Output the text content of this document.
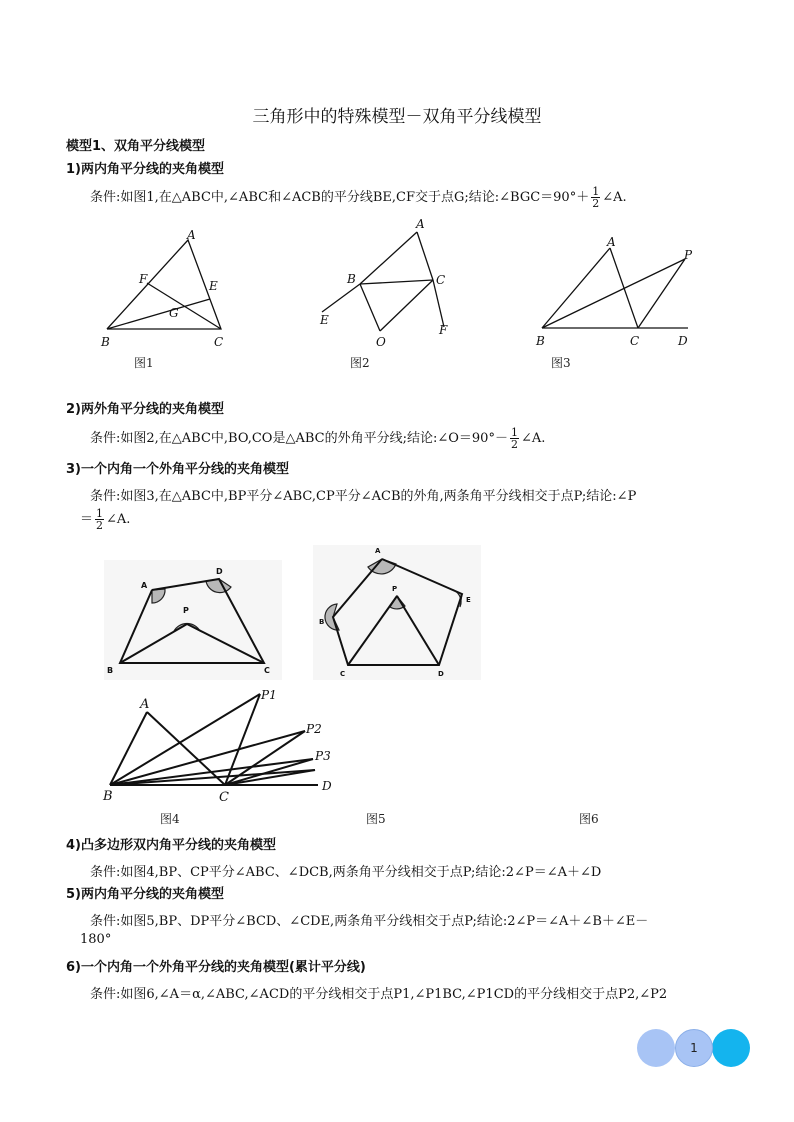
三角形中的特殊模型－双角平分线模型
模型1、双角平分线模型
1)两内角平分线的夹角模型
条件:如图1,在△ABC中,∠ABC和∠ACB的平分线BE,CF交于点G;结论:∠BGC＝90°＋ $\frac{1}{2}$ ∠A.
A
F	E
G
B	C
图1
A
B	C
E
O
F
图2
A
P
B	C	D
图3
2)两外角平分线的夹角模型
条件:如图2,在△ABC中,BO,CO是△ABC的外角平分线;结论:∠O＝90°－ $\frac{1}{2}$ ∠A.
3)一个内角一个外角平分线的夹角模型
条件:如图3,在△ABC中,BP平分∠ABC,CP平分∠ACB的外角,两条角平分线相交于点P;结论:∠P
＝ $\frac{1}{2}$ ∠A.
A
D
P
B	C
图4
A
P
B
E
C	D
图5
A
P1
P2
P3
B	C
D
图6
4)凸多边形双内角平分线的夹角模型
条件:如图4,BP、CP平分∠ABC、∠DCB,两条角平分线相交于点P;结论:2∠P＝∠A＋∠D
5)两内角平分线的夹角模型
条件:如图5,BP、DP平分∠BCD、∠CDE,两条角平分线相交于点P;结论:2∠P＝∠A＋∠B＋∠E－
180°
6)一个内角一个外角平分线的夹角模型(累计平分线)
条件:如图6,∠A＝α,∠ABC,∠ACD的平分线相交于点P1,∠P1BC,∠P1CD的平分线相交于点P2,∠P2
1
